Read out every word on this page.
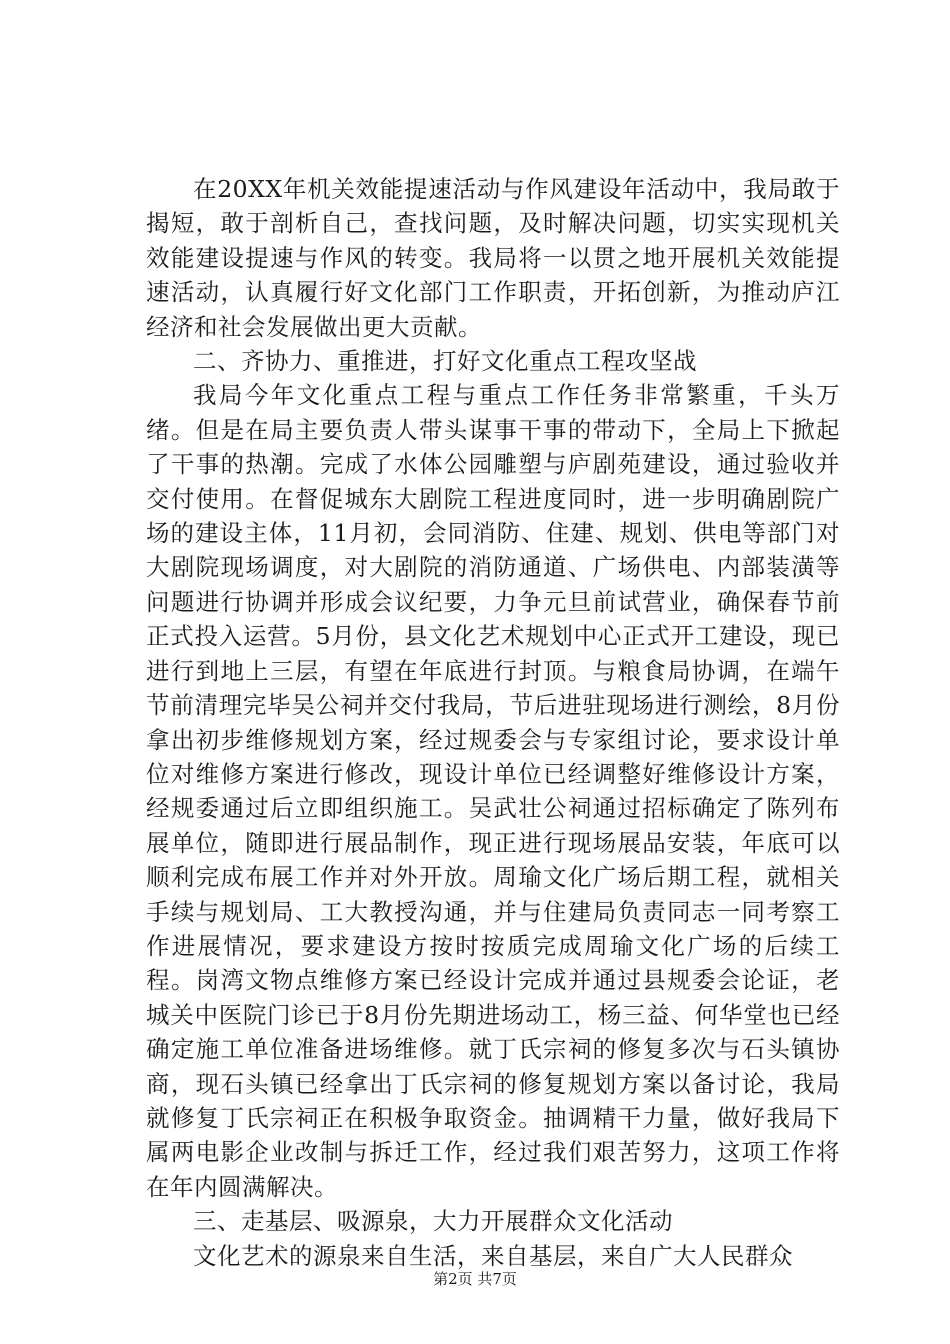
在20XX年机关效能提速活动与作风建设年活动中，我局敢于揭短，敢于剖析自己，查找问题，及时解决问题，切实实现机关效能建设提速与作风的转变。我局将一以贯之地开展机关效能提速活动，认真履行好文化部门工作职责，开拓创新，为推动庐江经济和社会发展做出更大贡献。

二、齐协力、重推进，打好文化重点工程攻坚战

我局今年文化重点工程与重点工作任务非常繁重，千头万绪。但是在局主要负责人带头谋事干事的带动下，全局上下掀起了干事的热潮。完成了水体公园雕塑与庐剧苑建设，通过验收并交付使用。在督促城东大剧院工程进度同时，进一步明确剧院广场的建设主体，11月初，会同消防、住建、规划、供电等部门对大剧院现场调度，对大剧院的消防通道、广场供电、内部装潢等问题进行协调并形成会议纪要，力争元旦前试营业，确保春节前正式投入运营。5月份，县文化艺术规划中心正式开工建设，现已进行到地上三层，有望在年底进行封顶。与粮食局协调，在端午节前清理完毕吴公祠并交付我局，节后进驻现场进行测绘，8月份拿出初步维修规划方案，经过规委会与专家组讨论，要求设计单位对维修方案进行修改，现设计单位已经调整好维修设计方案，经规委通过后立即组织施工。吴武壮公祠通过招标确定了陈列布展单位，随即进行展品制作，现正进行现场展品安装，年底可以顺利完成布展工作并对外开放。周瑜文化广场后期工程，就相关手续与规划局、工大教授沟通，并与住建局负责同志一同考察工作进展情况，要求建设方按时按质完成周瑜文化广场的后续工程。岗湾文物点维修方案已经设计完成并通过县规委会论证，老城关中医院门诊已于8月份先期进场动工，杨三益、何华堂也已经确定施工单位准备进场维修。就丁氏宗祠的修复多次与石头镇协商，现石头镇已经拿出丁氏宗祠的修复规划方案以备讨论，我局就修复丁氏宗祠正在积极争取资金。抽调精干力量，做好我局下属两电影企业改制与拆迁工作，经过我们艰苦努力，这项工作将在年内圆满解决。

三、走基层、吸源泉，大力开展群众文化活动

文化艺术的源泉来自生活，来自基层，来自广大人民群众

第2页 共7页
